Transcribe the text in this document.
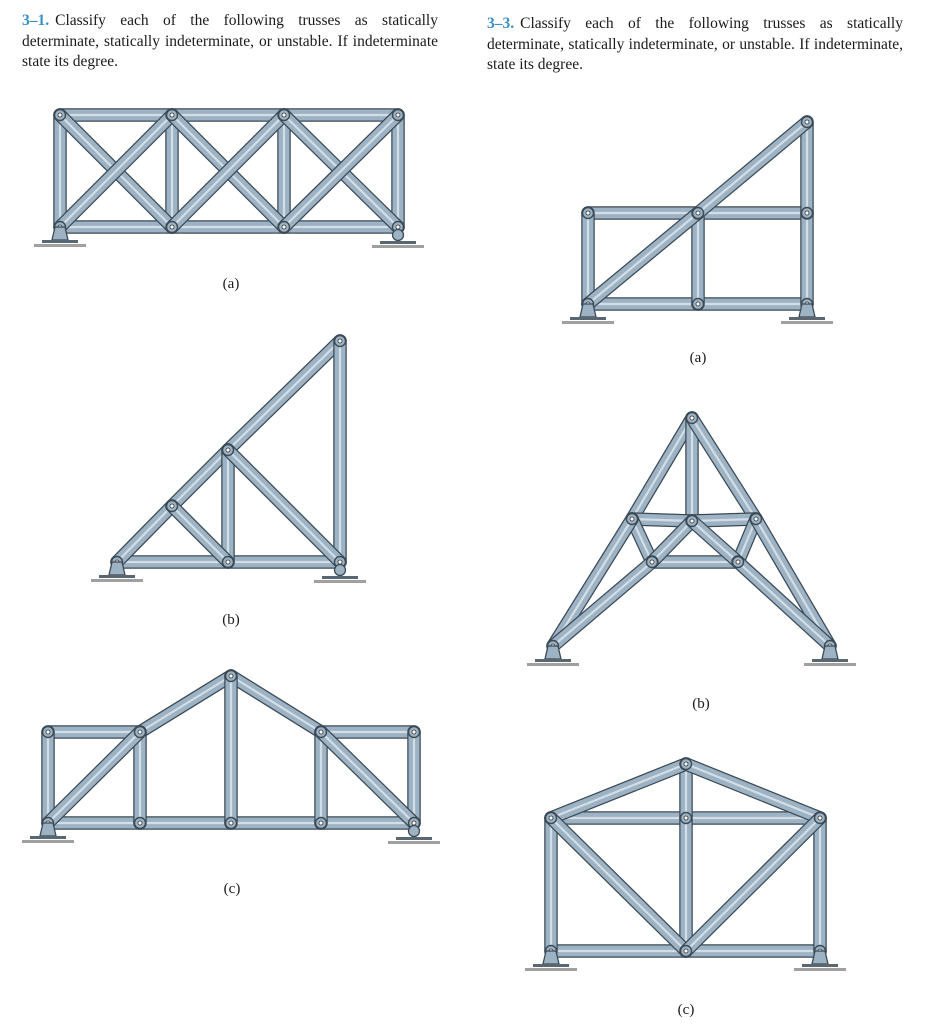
3–1. Classify each of the following trusses as statically determinate, statically indeterminate, or unstable. If indeterminate state its degree.
3–3. Classify each of the following trusses as statically determinate, statically indeterminate, or unstable. If indeterminate, state its degree.
(a)
(b)
(c)
(a)
(b)
(c)
